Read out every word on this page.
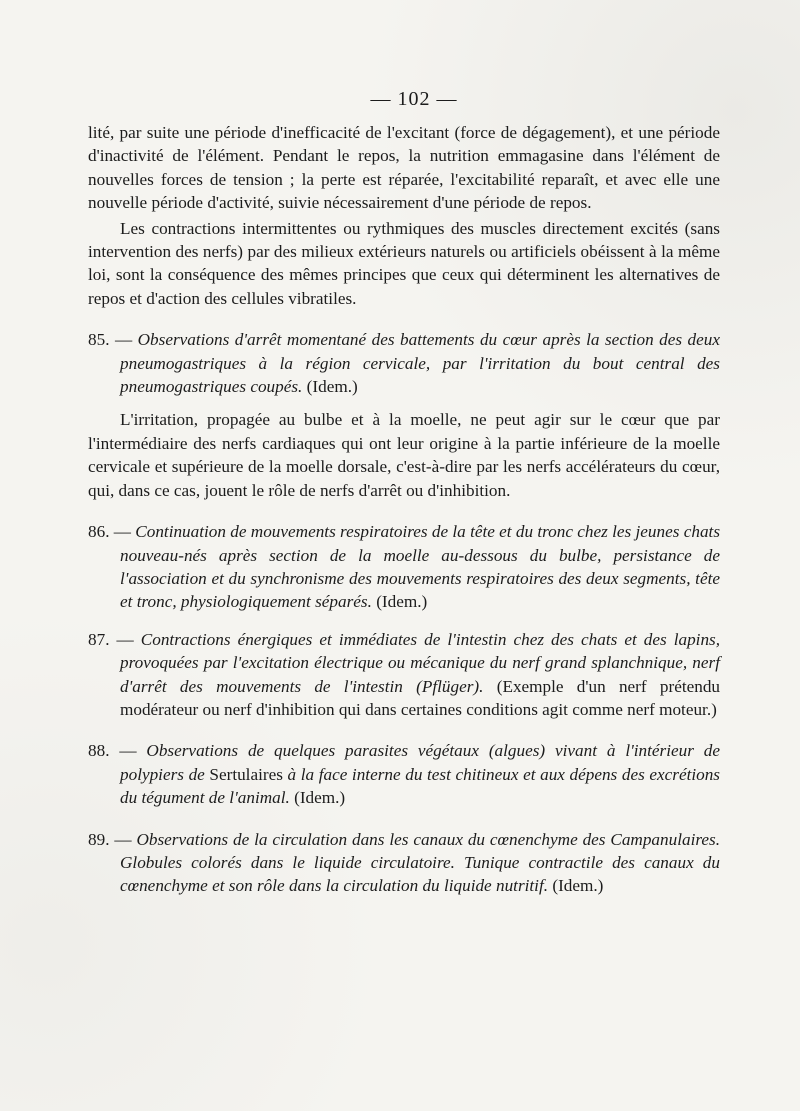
— 102 —

lité, par suite une période d'inefficacité de l'excitant (force de dégagement), et une période d'inactivité de l'élément. Pendant le repos, la nutrition emmagasine dans l'élément de nouvelles forces de tension ; la perte est réparée, l'excitabilité reparaît, et avec elle une nouvelle période d'activité, suivie nécessairement d'une période de repos.

Les contractions intermittentes ou rythmiques des muscles directement excités (sans intervention des nerfs) par des milieux extérieurs naturels ou artificiels obéissent à la même loi, sont la conséquence des mêmes principes que ceux qui déterminent les alternatives de repos et d'action des cellules vibratiles.

85. — Observations d'arrêt momentané des battements du cœur après la section des deux pneumogastriques à la région cervicale, par l'irritation du bout central des pneumogastriques coupés. (Idem.)

L'irritation, propagée au bulbe et à la moelle, ne peut agir sur le cœur que par l'intermédiaire des nerfs cardiaques qui ont leur origine à la partie inférieure de la moelle cervicale et supérieure de la moelle dorsale, c'est-à-dire par les nerfs accélérateurs du cœur, qui, dans ce cas, jouent le rôle de nerfs d'arrêt ou d'inhibition.

86. — Continuation de mouvements respiratoires de la tête et du tronc chez les jeunes chats nouveau-nés après section de la moelle au-dessous du bulbe, persistance de l'association et du synchronisme des mouvements respiratoires des deux segments, tête et tronc, physiologiquement séparés. (Idem.)

87. — Contractions énergiques et immédiates de l'intestin chez des chats et des lapins, provoquées par l'excitation électrique ou mécanique du nerf grand splanchnique, nerf d'arrêt des mouvements de l'intestin (Pflüger). (Exemple d'un nerf prétendu modérateur ou nerf d'inhibition qui dans certaines conditions agit comme nerf moteur.)

88. — Observations de quelques parasites végétaux (algues) vivant à l'intérieur de polypiers de Sertulaires à la face interne du test chitineux et aux dépens des excrétions du tégument de l'animal. (Idem.)

89. — Observations de la circulation dans les canaux du cœnenchyme des Campanulaires. Globules colorés dans le liquide circulatoire. Tunique contractile des canaux du cœnenchyme et son rôle dans la circulation du liquide nutritif. (Idem.)
